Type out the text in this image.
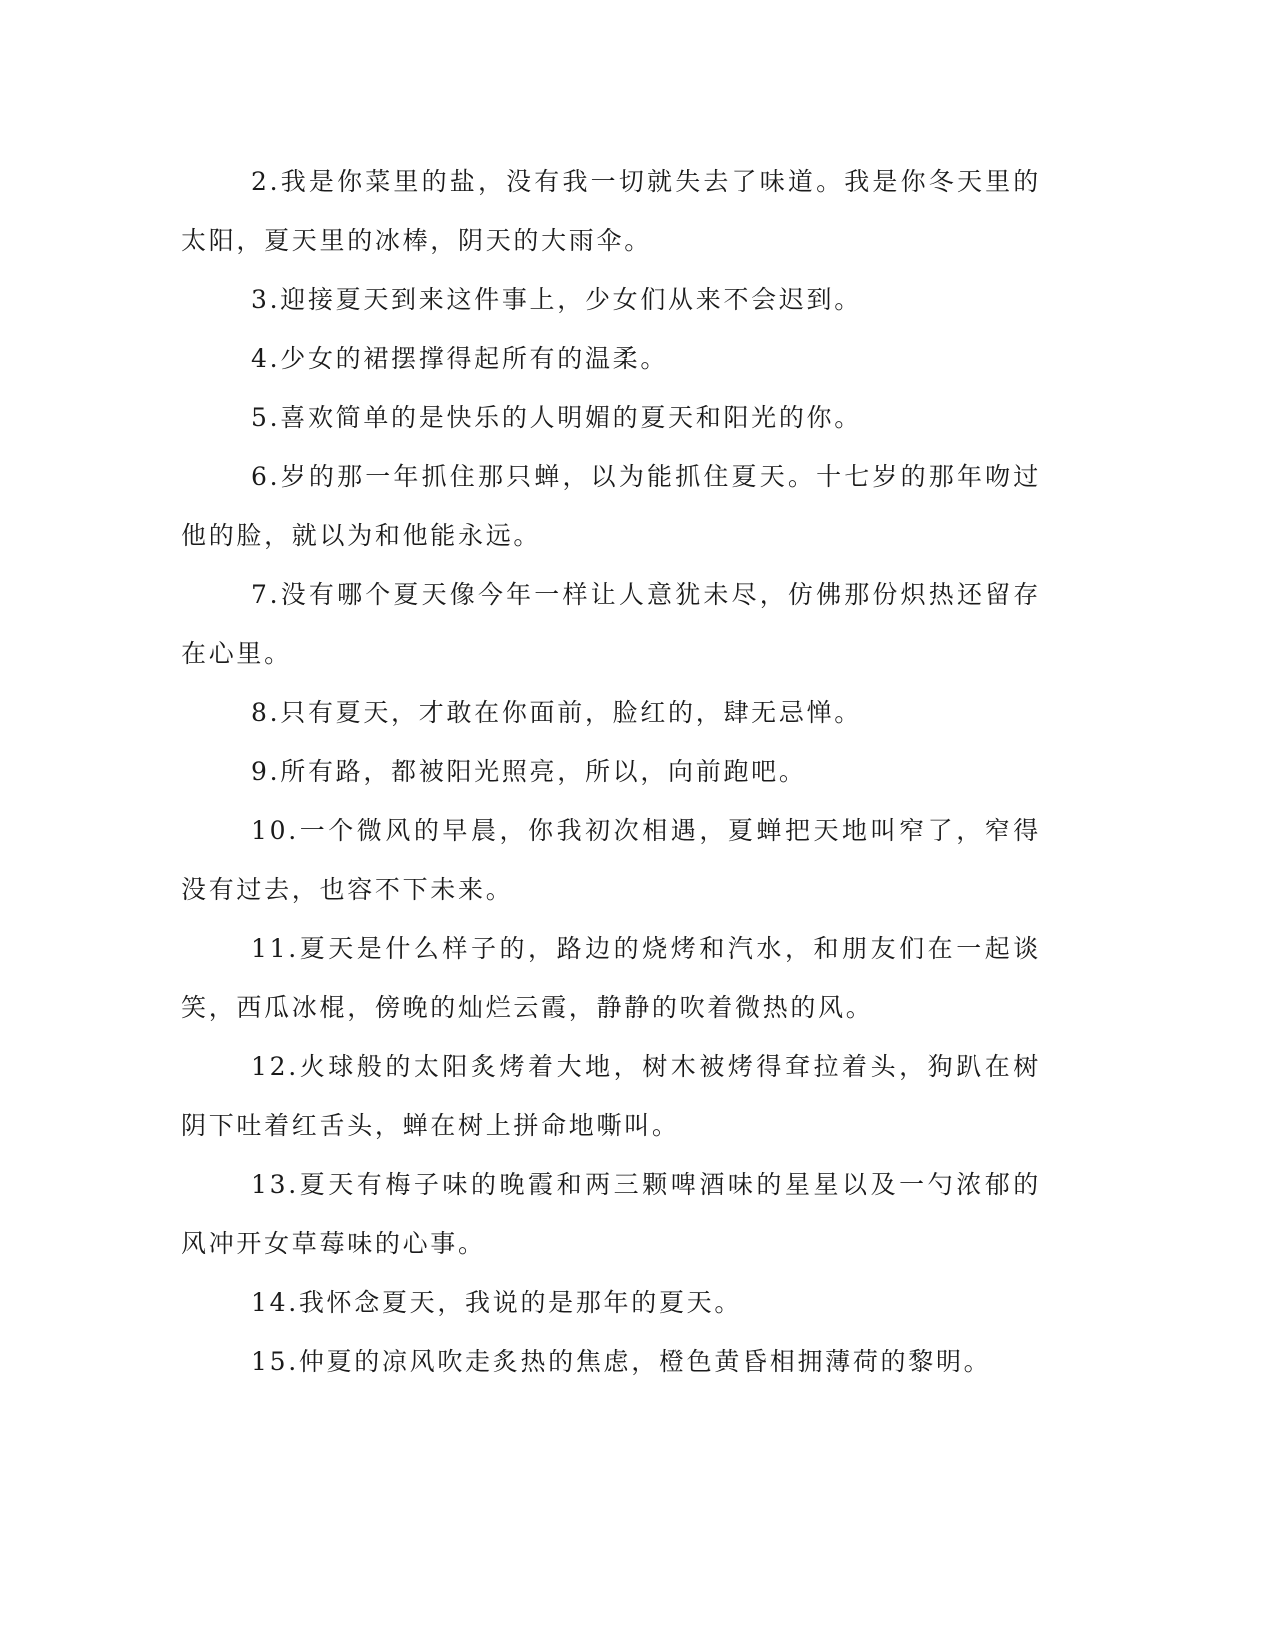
2.我是你菜里的盐，没有我一切就失去了味道。我是你冬天里的太阳，夏天里的冰棒，阴天的大雨伞。

3.迎接夏天到来这件事上，少女们从来不会迟到。

4.少女的裙摆撑得起所有的温柔。

5.喜欢简单的是快乐的人明媚的夏天和阳光的你。

6.岁的那一年抓住那只蝉，以为能抓住夏天。十七岁的那年吻过他的脸，就以为和他能永远。

7.没有哪个夏天像今年一样让人意犹未尽，仿佛那份炽热还留存在心里。

8.只有夏天，才敢在你面前，脸红的，肆无忌惮。

9.所有路，都被阳光照亮，所以，向前跑吧。

10.一个微风的早晨，你我初次相遇，夏蝉把天地叫窄了，窄得没有过去，也容不下未来。

11.夏天是什么样子的，路边的烧烤和汽水，和朋友们在一起谈笑，西瓜冰棍，傍晚的灿烂云霞，静静的吹着微热的风。

12.火球般的太阳炙烤着大地，树木被烤得耷拉着头，狗趴在树阴下吐着红舌头，蝉在树上拼命地嘶叫。

13.夏天有梅子味的晚霞和两三颗啤酒味的星星以及一勺浓郁的风冲开女草莓味的心事。

14.我怀念夏天，我说的是那年的夏天。

15.仲夏的凉风吹走炙热的焦虑，橙色黄昏相拥薄荷的黎明。
